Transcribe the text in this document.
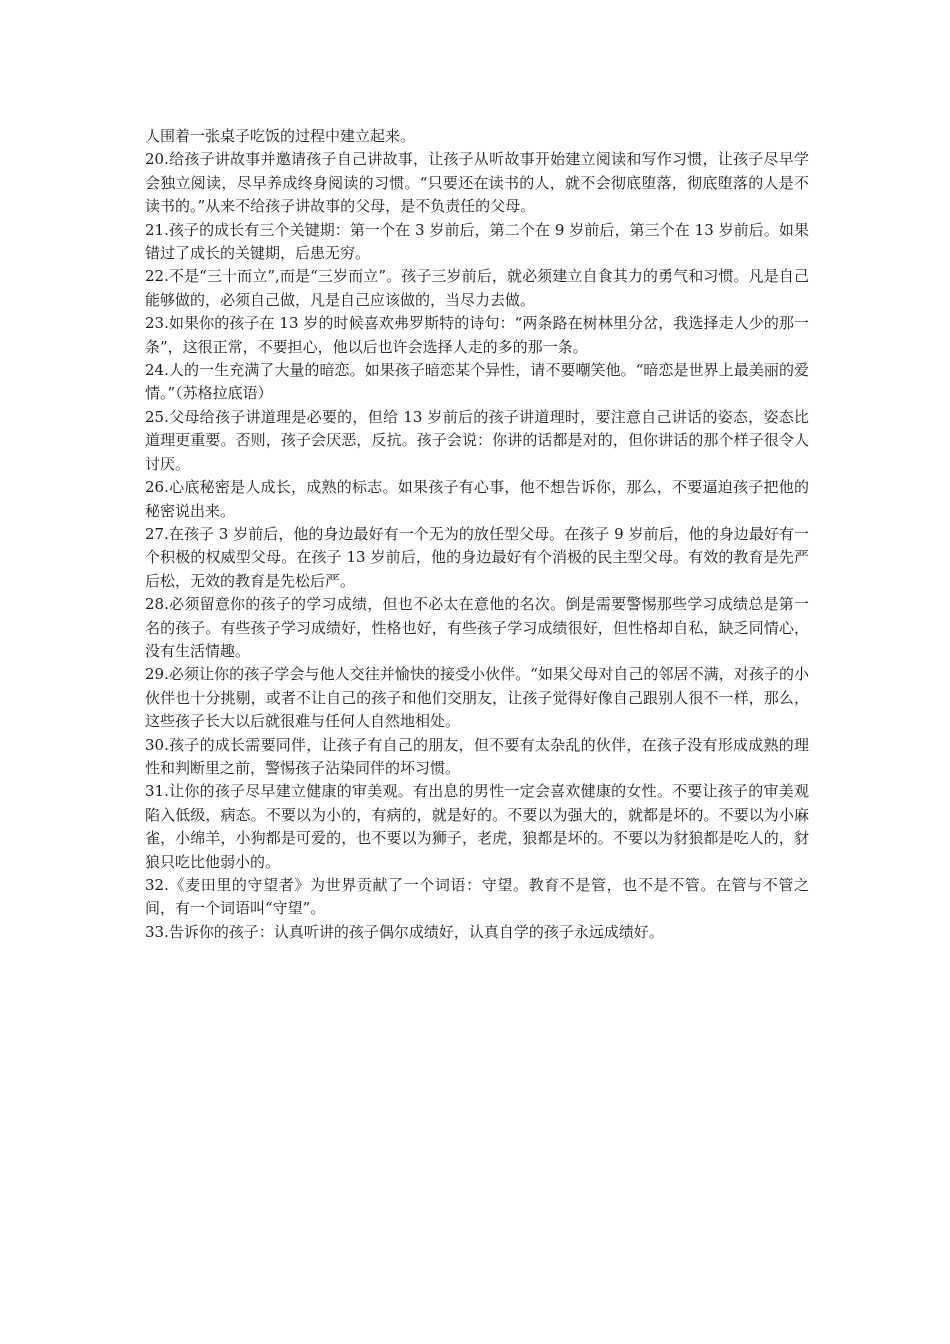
人围着一张桌子吃饭的过程中建立起来。

20.给孩子讲故事并邀请孩子自己讲故事，让孩子从听故事开始建立阅读和写作习惯，让孩子尽早学会独立阅读，尽早养成终身阅读的习惯。“只要还在读书的人，就不会彻底堕落，彻底堕落的人是不读书的。”从来不给孩子讲故事的父母，是不负责任的父母。

21.孩子的成长有三个关键期：第一个在 3 岁前后，第二个在 9 岁前后，第三个在 13 岁前后。如果错过了成长的关键期，后患无穷。

22.不是“三十而立”,而是“三岁而立”。孩子三岁前后，就必须建立自食其力的勇气和习惯。凡是自己能够做的，必须自己做，凡是自己应该做的，当尽力去做。

23.如果你的孩子在 13 岁的时候喜欢弗罗斯特的诗句：“两条路在树林里分岔，我选择走人少的那一条”，这很正常，不要担心，他以后也许会选择人走的多的那一条。

24.人的一生充满了大量的暗恋。如果孩子暗恋某个异性，请不要嘲笑他。“暗恋是世界上最美丽的爱情。”（苏格拉底语）

25.父母给孩子讲道理是必要的，但给 13 岁前后的孩子讲道理时，要注意自己讲话的姿态，姿态比道理更重要。否则，孩子会厌恶，反抗。孩子会说：你讲的话都是对的，但你讲话的那个样子很令人讨厌。

26.心底秘密是人成长，成熟的标志。如果孩子有心事，他不想告诉你，那么，不要逼迫孩子把他的秘密说出来。

27.在孩子 3 岁前后，他的身边最好有一个无为的放任型父母。在孩子 9 岁前后，他的身边最好有一个积极的权威型父母。在孩子 13 岁前后，他的身边最好有个消极的民主型父母。有效的教育是先严后松，无效的教育是先松后严。

28.必须留意你的孩子的学习成绩，但也不必太在意他的名次。倒是需要警惕那些学习成绩总是第一名的孩子。有些孩子学习成绩好，性格也好，有些孩子学习成绩很好，但性格却自私，缺乏同情心，没有生活情趣。

29.必须让你的孩子学会与他人交往并愉快的接受小伙伴。“如果父母对自己的邻居不满，对孩子的小伙伴也十分挑剔，或者不让自己的孩子和他们交朋友，让孩子觉得好像自己跟别人很不一样，那么，这些孩子长大以后就很难与任何人自然地相处。

30.孩子的成长需要同伴，让孩子有自己的朋友，但不要有太杂乱的伙伴，在孩子没有形成成熟的理性和判断里之前，警惕孩子沾染同伴的坏习惯。

31.让你的孩子尽早建立健康的审美观。有出息的男性一定会喜欢健康的女性。不要让孩子的审美观陷入低级，病态。不要以为小的，有病的，就是好的。不要以为强大的，就都是坏的。不要以为小麻雀，小绵羊，小狗都是可爱的，也不要以为狮子，老虎，狼都是坏的。不要以为豺狼都是吃人的，豺狼只吃比他弱小的。

32.《麦田里的守望者》为世界贡献了一个词语：守望。教育不是管，也不是不管。在管与不管之间，有一个词语叫“守望”。

33.告诉你的孩子：认真听讲的孩子偶尔成绩好，认真自学的孩子永远成绩好。
